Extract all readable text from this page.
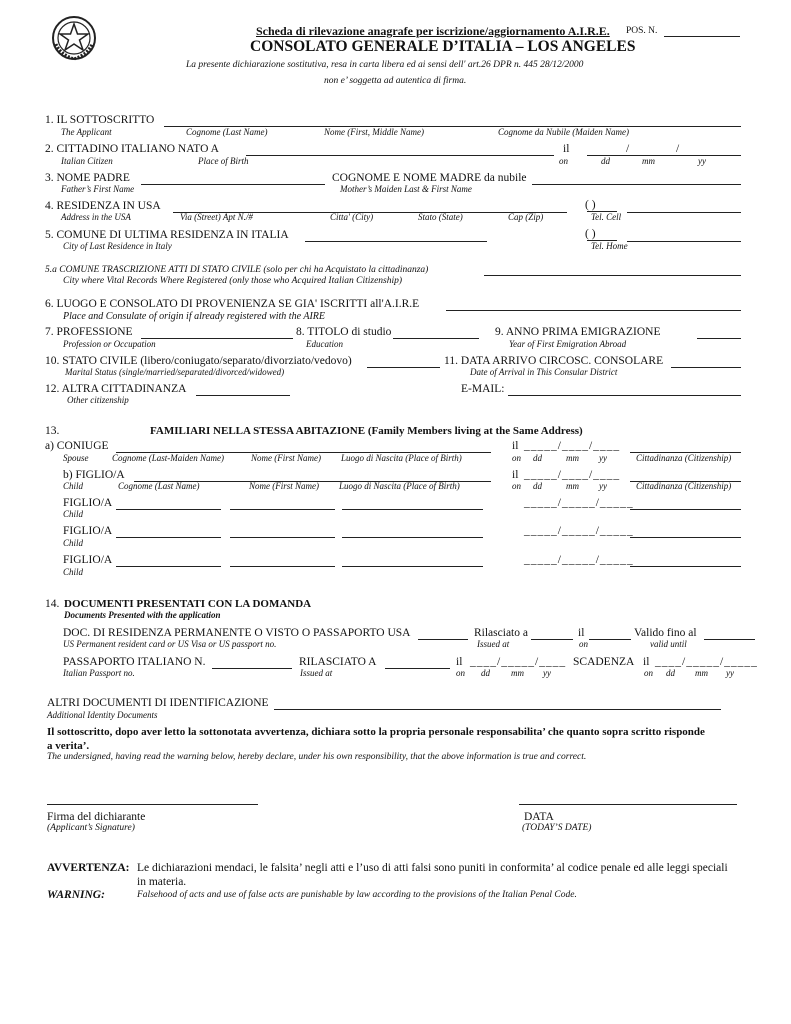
Scheda di rilevazione anagrafe per iscrizione/aggiornamento A.I.R.E. POS. N.
CONSOLATO GENERALE D’ITALIA – LOS ANGELES
La presente dichiarazione sostitutiva, resa in carta libera ed ai sensi dell' art.26 DPR n. 445 28/12/2000
non e’ soggetta ad autentica di firma.
1. IL SOTTOSCRITTO
The Applicant	Cognome (Last Name)	Nome (First, Middle Name)	Cognome da Nubile (Maiden Name)
2. CITTADINO ITALIANO NATO A	il	/	/
Italian Citizen	Place of Birth	on	dd	mm	yy
3. NOME PADRE	COGNOME E NOME MADRE da nubile
Father’s First Name	Mother’s Maiden Last & First Name
4. RESIDENZA IN USA	( )
Address in the USA	Via (Street) Apt N./#	Citta' (City)	Stato (State)	Cap (Zip)	Tel. Cell
5. COMUNE DI ULTIMA RESIDENZA IN ITALIA	( )
City of Last Residence in Italy	Tel. Home
5.a COMUNE TRASCRIZIONE ATTI DI STATO CIVILE (solo per chi ha Acquistato la cittadinanza)
City where Vital Records Where Registered (only those who Acquired Italian Citizenship)
6. LUOGO E CONSOLATO DI PROVENIENZA SE GIA' ISCRITTI all'A.I.R.E
Place and Consulate of origin if already registered with the AIRE
7. PROFESSIONE	8. TITOLO di studio	9. ANNO PRIMA EMIGRAZIONE
Profession or Occupation	Education	Year of First Emigration Abroad
10. STATO CIVILE (libero/coniugato/separato/divorziato/vedovo)	11. DATA ARRIVO CIRCOSC. CONSOLARE
Marital Status (single/married/separated/divorced/widowed)	Date of Arrival in This Consular District
12. ALTRA CITTADINANZA	E-MAIL:
Other citizenship
13.	FAMILIARI NELLA STESSA ABITAZIONE (Family Members living at the Same Address)
a) CONIUGE	il _____/____/____
Spouse	Cognome (Last-Maiden Name)	Nome (First Name) Luogo di Nascita (Place of Birth)	on dd	mm yy	Cittadinanza (Citizenship)
b) FIGLIO/A	il _____/____/____
Child	Cognome (Last Name)	Nome (First Name) Luogo di Nascita (Place of Birth)	on dd	mm yy	Cittadinanza (Citizenship)
FIGLIO/A	_____/_____/_____
Child
FIGLIO/A	_____/_____/_____
Child
FIGLIO/A	_____/_____/_____
Child
14. DOCUMENTI PRESENTATI CON LA DOMANDA
Documents Presented with the application
DOC. DI RESIDENZA PERMANENTE O VISTO O PASSAPORTO USA	Rilasciato a	il	Valido fino al
US Permanent resident card or US Visa or US passport no.	Issued at	on	valid until
PASSAPORTO ITALIANO N.	RILASCIATO A	il ____/_____/____ SCADENZA il ____/_____/_____
Italian Passport no.	Issued at	on dd mm yy	on dd mm yy
ALTRI DOCUMENTI DI IDENTIFICAZIONE
Additional Identity Documents
Il sottoscritto, dopo aver letto la sottonotata avvertenza, dichiara sotto la propria personale responsabilita’ che quanto sopra scritto risponde
a verita’.
The undersigned, having read the warning below, hereby declare, under his own responsibility, that the above information is true and correct.
Firma del dichiarante
(Applicant’s Signature)
DATA
(TODAY’S DATE)
AVVERTENZA: Le dichiarazioni mendaci, le falsita’ negli atti e l’uso di atti falsi sono puniti in conformita’ al codice penale ed alle leggi speciali
in materia.
WARNING:	Falsehood of acts and use of false acts are punishable by law according to the provisions of the Italian Penal Code.
